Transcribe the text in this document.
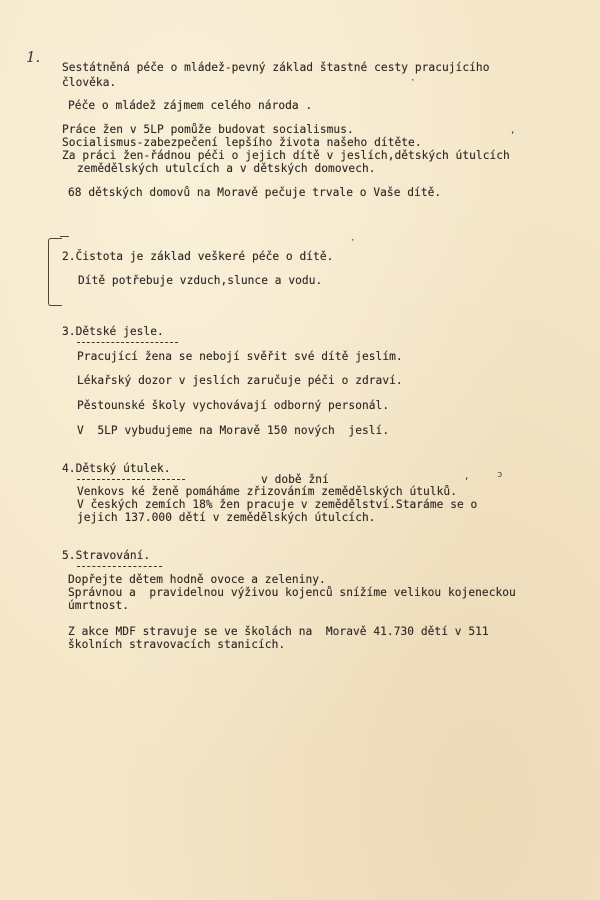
1.
Sestátněná péče o mládež-pevný základ štastné cesty pracujícího
člověka.
Péče o mládež zájmem celého národa .
Práce žen v 5LP pomůže budovat socialismus.
Socialismus-zabezpečení lepšího života našeho dítěte.
Za práci žen-řádnou péči o jejich dítě v jeslích,dětských útulcích
zemědělských utulcích a v dětských domovech.
68 dětských domovů na Moravě pečuje trvale o Vaše dítě.
2.Čistota je základ veškeré péče o dítě.
Dítě potřebuje vzduch,slunce a vodu.
3.Dětské jesle.
Pracující žena se nebojí svěřit své dítě jeslím.
Lékařský dozor v jeslích zaručuje péči o zdraví.
Pěstounské školy vychovávají odborný personál.
V  5LP vybudujeme na Moravě 150 nových  jeslí.
4.Dětský útulek.
v době žní
Venkovs ké ženě pomáháme zřizováním zemědělských útulků.
V českých zemích 18% žen pracuje v zemědělství.Staráme se o
jejich 137.000 dětí v zemědělských útulcích.
5.Stravování.
Dopřejte dětem hodně ovoce a zeleniny.
Správnou a  pravidelnou výživou kojenců snížíme velikou kojeneckou
úmrtnost.
Z akce MDF stravuje se ve školách na  Moravě 41.730 dětí v 511
školních stravovacích stanicích.
·
·
,
,	ɔ
